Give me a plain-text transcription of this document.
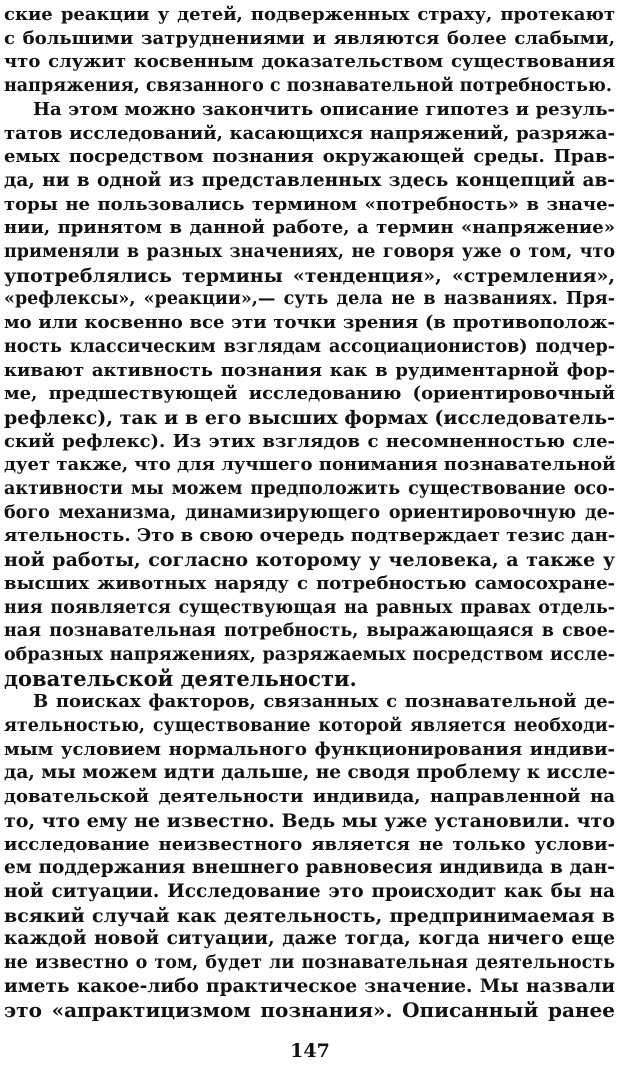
ские реакции у детей, подверженных страху, протекают
с большими затруднениями и являются более слабыми,
что служит косвенным доказательством существования
напряжения, связанного с познавательной потребностью.
На этом можно закончить описание гипотез и резуль-
татов исследований, касающихся напряжений, разряжа-
емых посредством познания окружающей среды. Прав-
да, ни в одной из представленных здесь концепций ав-
торы не пользовались термином «потребность» в значе-
нии, принятом в данной работе, а термин «напряжение»
применяли в разных значениях, не говоря уже о том, что
употреблялись термины «тенденция», «стремления»,
«рефлексы», «реакции»,— суть дела не в названиях. Пря-
мо или косвенно все эти точки зрения (в противополож-
ность классическим взглядам ассоциационистов) подчер-
кивают активность познания как в рудиментарной фор-
ме, предшествующей исследованию (ориентировочный
рефлекс), так и в его высших формах (исследователь-
ский рефлекс). Из этих взглядов с несомненностью сле-
дует также, что для лучшего понимания познавательной
активности мы можем предположить существование осо-
бого механизма, динамизирующего ориентировочную де-
ятельность. Это в свою очередь подтверждает тезис дан-
ной работы, согласно которому у человека, а также у
высших животных наряду с потребностью самосохране-
ния появляется существующая на равных правах отдель-
ная познавательная потребность, выражающаяся в свое-
образных напряжениях, разряжаемых посредством иссле-
довательской деятельности.
В поисках факторов, связанных с познавательной де-
ятельностью, существование которой является необходи-
мым условием нормального функционирования индиви-
да, мы можем идти дальше, не сводя проблему к иссле-
довательской деятельности индивида, направленной на
то, что ему не известно. Ведь мы уже установили. что
исследование неизвестного является не только услови-
ем поддержания внешнего равновесия индивида в дан-
ной ситуации. Исследование это происходит как бы на
всякий случай как деятельность, предпринимаемая в
каждой новой ситуации, даже тогда, когда ничего еще
не известно о том, будет ли познавательная деятельность
иметь какое-либо практическое значение. Мы назвали
это «апрактицизмом познания». Описанный ранее
147
